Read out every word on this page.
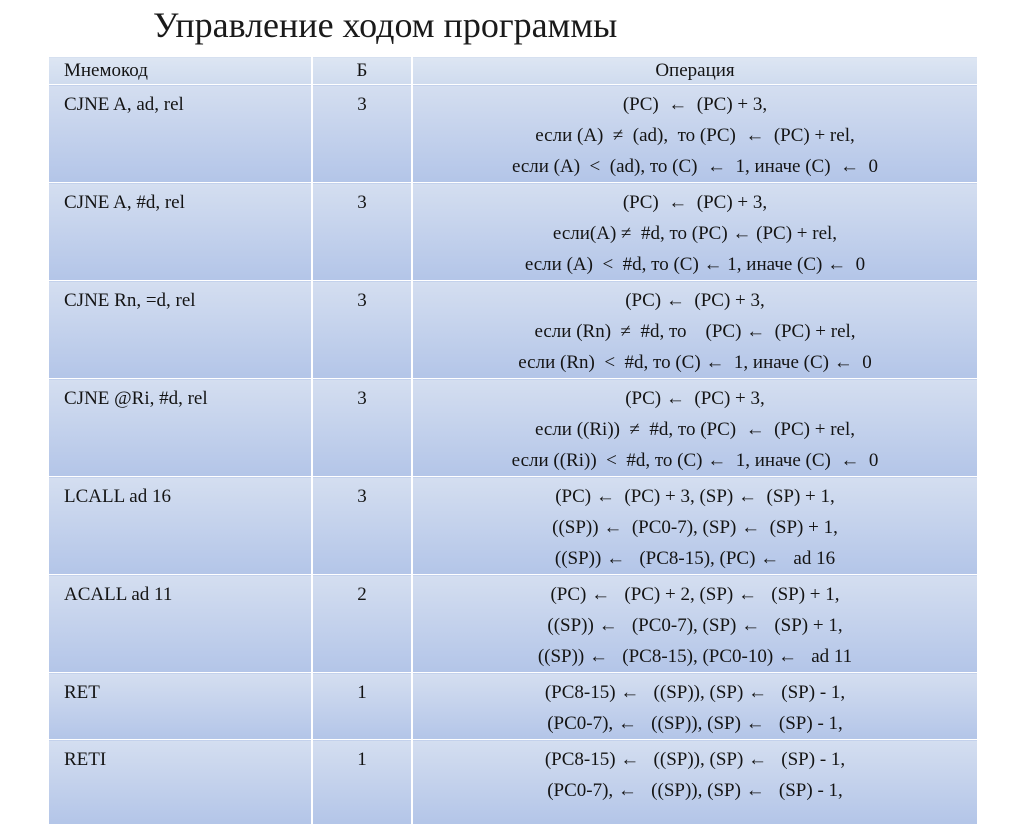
Управление ходом программы
Мнемокод	Б	Операция
CJNE A, ad, rel	3	(PC)  ←  (PC) + 3,
если (A)  ≠  (ad),  то (PC)  ←  (PC) + rel,
если (A)  <  (ad), то (C)  ←  1, иначе (C)  ←  0

CJNE A, #d, rel	3	(PC)  ←  (PC) + 3,
если(A) ≠  #d, то (PC) ← (PC) + rel,
если (A)  <  #d, то (C) ← 1, иначе (C) ←  0

CJNE Rn, =d, rel	3	(PC) ←  (PC) + 3,
если (Rn)  ≠  #d, то    (PC) ←  (PC) + rel,
если (Rn)  <  #d, то (C) ←  1, иначе (C) ←  0

CJNE @Ri, #d, rel	3	(PC) ←  (PC) + 3,
если ((Ri))  ≠  #d, то (PC)  ←  (PC) + rel,
если ((Ri))  <  #d, то (C) ←  1, иначе (C)  ←  0

LCALL ad 16	3	(PC) ←  (PC) + 3, (SP) ←  (SP) + 1,
((SP)) ←  (PC0-7), (SP) ←  (SP) + 1,
((SP)) ←   (PC8-15), (PC) ←   ad 16

ACALL ad 11	2	(PC) ←   (PC) + 2, (SP) ←   (SP) + 1,
((SP)) ←   (PC0-7), (SP) ←   (SP) + 1,
((SP)) ←   (PC8-15), (PC0-10) ←   ad 11

RET	1	(PC8-15) ←   ((SP)), (SP) ←   (SP) - 1,
(PC0-7), ←   ((SP)), (SP) ←   (SP) - 1,

RETI	1	(PC8-15) ←   ((SP)), (SP) ←   (SP) - 1,
(PC0-7), ←   ((SP)), (SP) ←   (SP) - 1,
